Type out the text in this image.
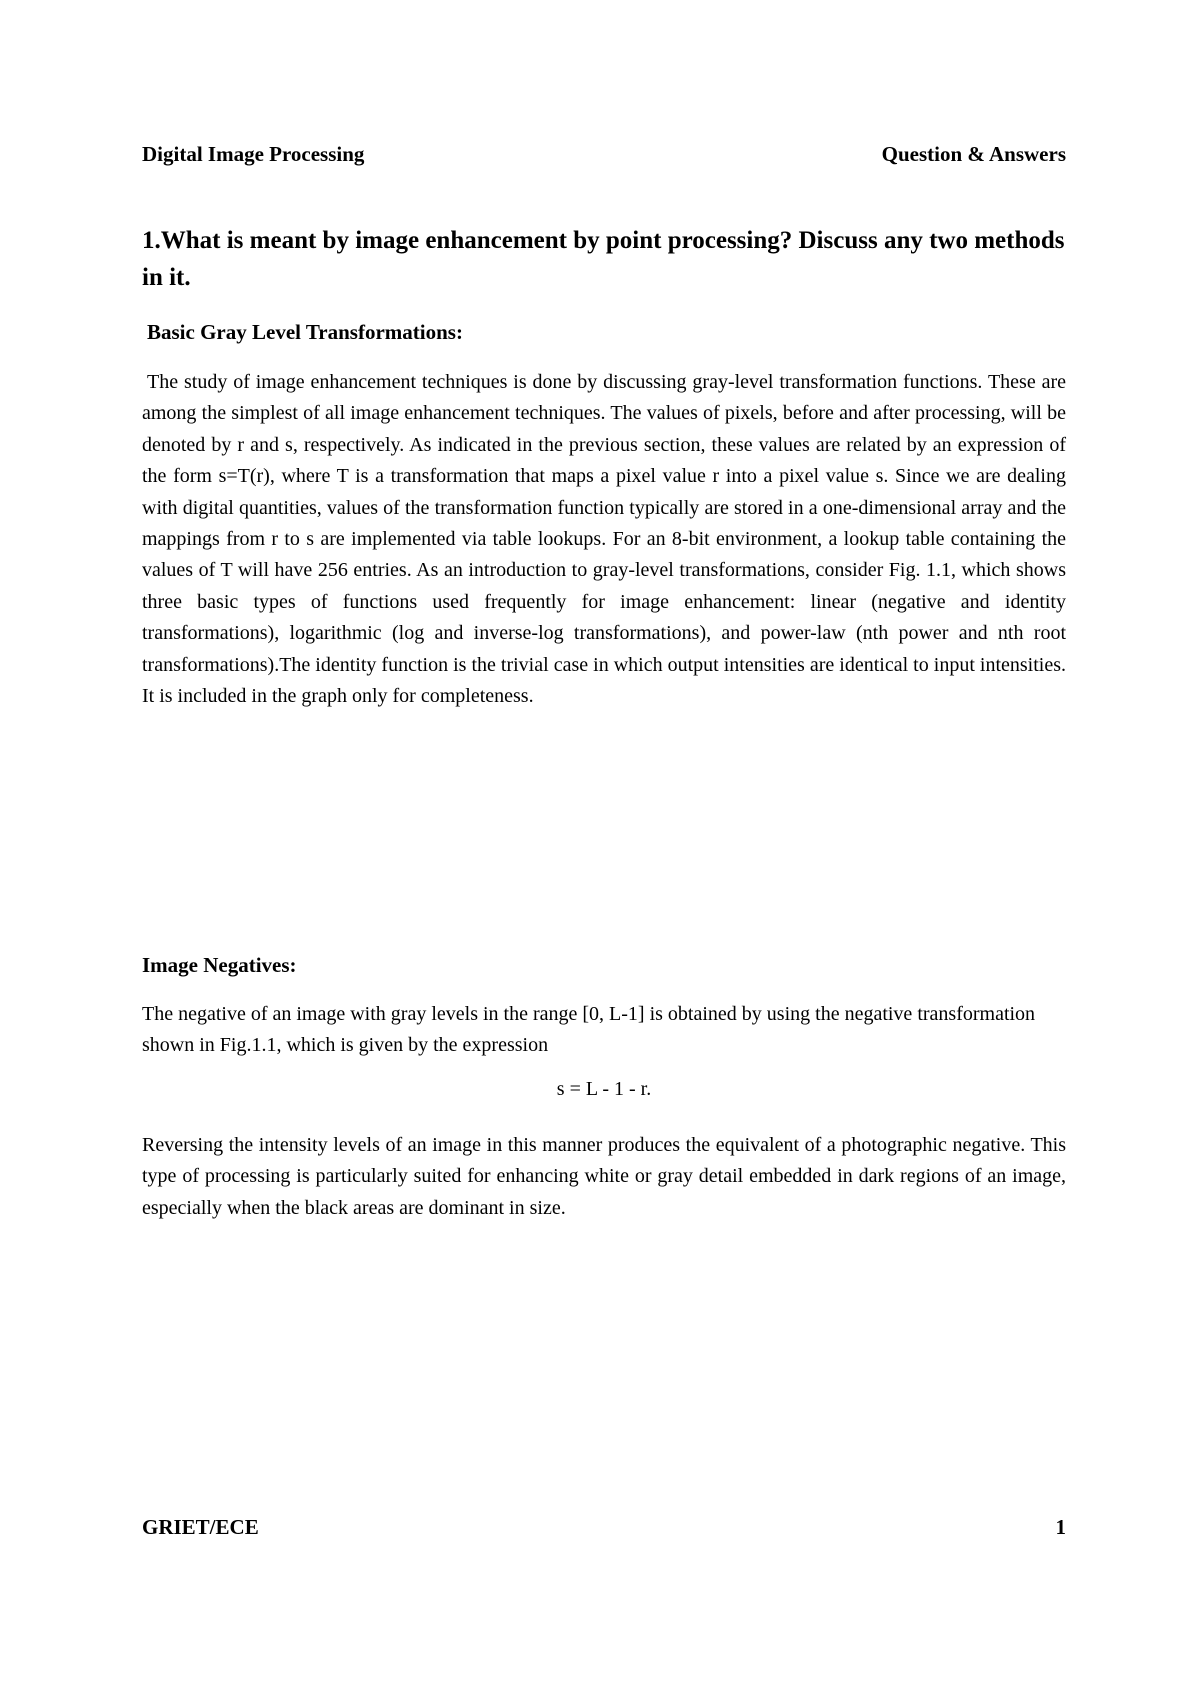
Digital Image Processing	Question & Answers
1.What is meant by image enhancement by point processing? Discuss any two methods in it.
Basic Gray Level Transformations:

The study of image enhancement techniques is done by discussing gray-level transformation functions. These are among the simplest of all image enhancement techniques. The values of pixels, before and after processing, will be denoted by r and s, respectively. As indicated in the previous section, these values are related by an expression of the form s=T(r), where T is a transformation that maps a pixel value r into a pixel value s. Since we are dealing with digital quantities, values of the transformation function typically are stored in a one-dimensional array and the mappings from r to s are implemented via table lookups. For an 8-bit environment, a lookup table containing the values of T will have 256 entries. As an introduction to gray-level transformations, consider Fig. 1.1, which shows three basic types of functions used frequently for image enhancement: linear (negative and identity transformations), logarithmic (log and inverse-log transformations), and power-law (nth power and nth root transformations).The identity function is the trivial case in which output intensities are identical to input intensities. It is included in the graph only for completeness.

Image Negatives:

The negative of an image with gray levels in the range [0, L-1] is obtained by using the negative transformation shown in Fig.1.1, which is given by the expression

s = L - 1 - r.

Reversing the intensity levels of an image in this manner produces the equivalent of a photographic negative. This type of processing is particularly suited for enhancing white or gray detail embedded in dark regions of an image, especially when the black areas are dominant in size.

GRIET/ECE	1
